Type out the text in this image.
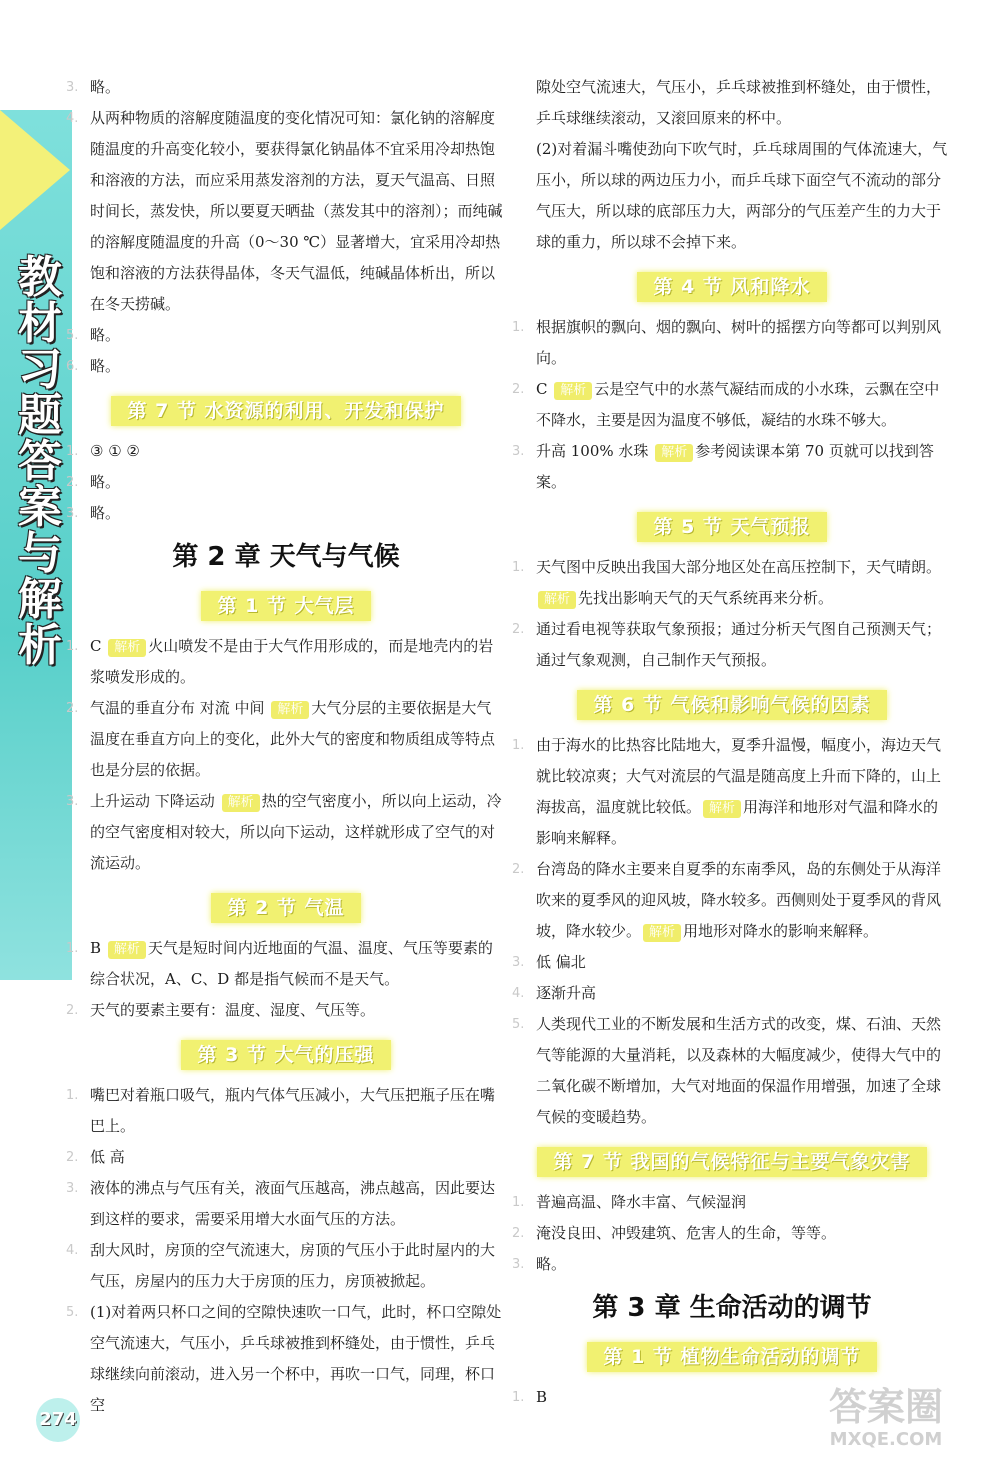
教材习题答案与解析

3. 略。

4. 从两种物质的溶解度随温度的变化情况可知：氯化钠的溶解度随温度的升高变化较小，要获得氯化钠晶体不宜采用冷却热饱和溶液的方法，而应采用蒸发溶剂的方法，夏天气温高、日照时间长，蒸发快，所以要夏天晒盐（蒸发其中的溶剂）；而纯碱的溶解度随温度的升高（0～30 ℃）显著增大，宜采用冷却热饱和溶液的方法获得晶体，冬天气温低，纯碱晶体析出，所以在冬天捞碱。

5. 略。

6. 略。

第 7 节 水资源的利用、开发和保护

1. ③ ① ②

2. 略。

3. 略。

第 2 章 天气与气候
第 1 节 大气层

1. C 解析 火山喷发不是由于大气作用形成的，而是地壳内的岩浆喷发形成的。

2. 气温的垂直分布 对流 中间 解析 大气分层的主要依据是大气温度在垂直方向上的变化，此外大气的密度和物质组成等特点也是分层的依据。

3. 上升运动 下降运动 解析 热的空气密度小，所以向上运动，冷的空气密度相对较大，所以向下运动，这样就形成了空气的对流运动。

第 2 节 气温

1. B 解析 天气是短时间内近地面的气温、温度、气压等要素的综合状况，A、C、D 都是指气候而不是天气。

2. 天气的要素主要有：温度、湿度、气压等。

第 3 节 大气的压强

1. 嘴巴对着瓶口吸气，瓶内气体气压减小，大气压把瓶子压在嘴巴上。

2. 低 高

3. 液体的沸点与气压有关，液面气压越高，沸点越高，因此要达到这样的要求，需要采用增大水面气压的方法。

4. 刮大风时，房顶的空气流速大，房顶的气压小于此时屋内的大气压，房屋内的压力大于房顶的压力，房顶被掀起。

5. (1)对着两只杯口之间的空隙快速吹一口气，此时，杯口空隙处空气流速大，气压小，乒乓球被推到杯缝处，由于惯性，乒乓球继续向前滚动，进入另一个杯中，再吹一口气，同理，杯口空

隙处空气流速大，气压小，乒乓球被推到杯缝处，由于惯性，乒乓球继续滚动，又滚回原来的杯中。

(2)对着漏斗嘴使劲向下吹气时，乒乓球周围的气体流速大，气压小，所以球的两边压力小，而乒乓球下面空气不流动的部分气压大，所以球的底部压力大，两部分的气压差产生的力大于球的重力，所以球不会掉下来。

第 4 节 风和降水

1. 根据旗帜的飘向、烟的飘向、树叶的摇摆方向等都可以判别风向。

2. C 解析 云是空气中的水蒸气凝结而成的小水珠，云飘在空中不降水，主要是因为温度不够低，凝结的水珠不够大。

3. 升高 100% 水珠 解析 参考阅读课本第 70 页就可以找到答案。

第 5 节 天气预报

1. 天气图中反映出我国大部分地区处在高压控制下，天气晴朗。

解析 先找出影响天气的天气系统再来分析。

2. 通过看电视等获取气象预报；通过分析天气图自己预测天气；通过气象观测，自己制作天气预报。

第 6 节 气候和影响气候的因素

1. 由于海水的比热容比陆地大，夏季升温慢，幅度小，海边天气就比较凉爽；大气对流层的气温是随高度上升而下降的，山上海拔高，温度就比较低。 解析 用海洋和地形对气温和降水的影响来解释。

2. 台湾岛的降水主要来自夏季的东南季风，岛的东侧处于从海洋吹来的夏季风的迎风坡，降水较多。西侧则处于夏季风的背风坡，降水较少。 解析 用地形对降水的影响来解释。

3. 低 偏北

4. 逐渐升高

5. 人类现代工业的不断发展和生活方式的改变，煤、石油、天然气等能源的大量消耗，以及森林的大幅度减少，使得大气中的二氧化碳不断增加，大气对地面的保温作用增强，加速了全球气候的变暖趋势。

第 7 节 我国的气候特征与主要气象灾害

1. 普遍高温、降水丰富、气候湿润

2. 淹没良田、冲毁建筑、危害人的生命，等等。

3. 略。

第 3 章 生命活动的调节
第 1 节 植物生命活动的调节

1. B

274	答案圈
MXQE.COM
